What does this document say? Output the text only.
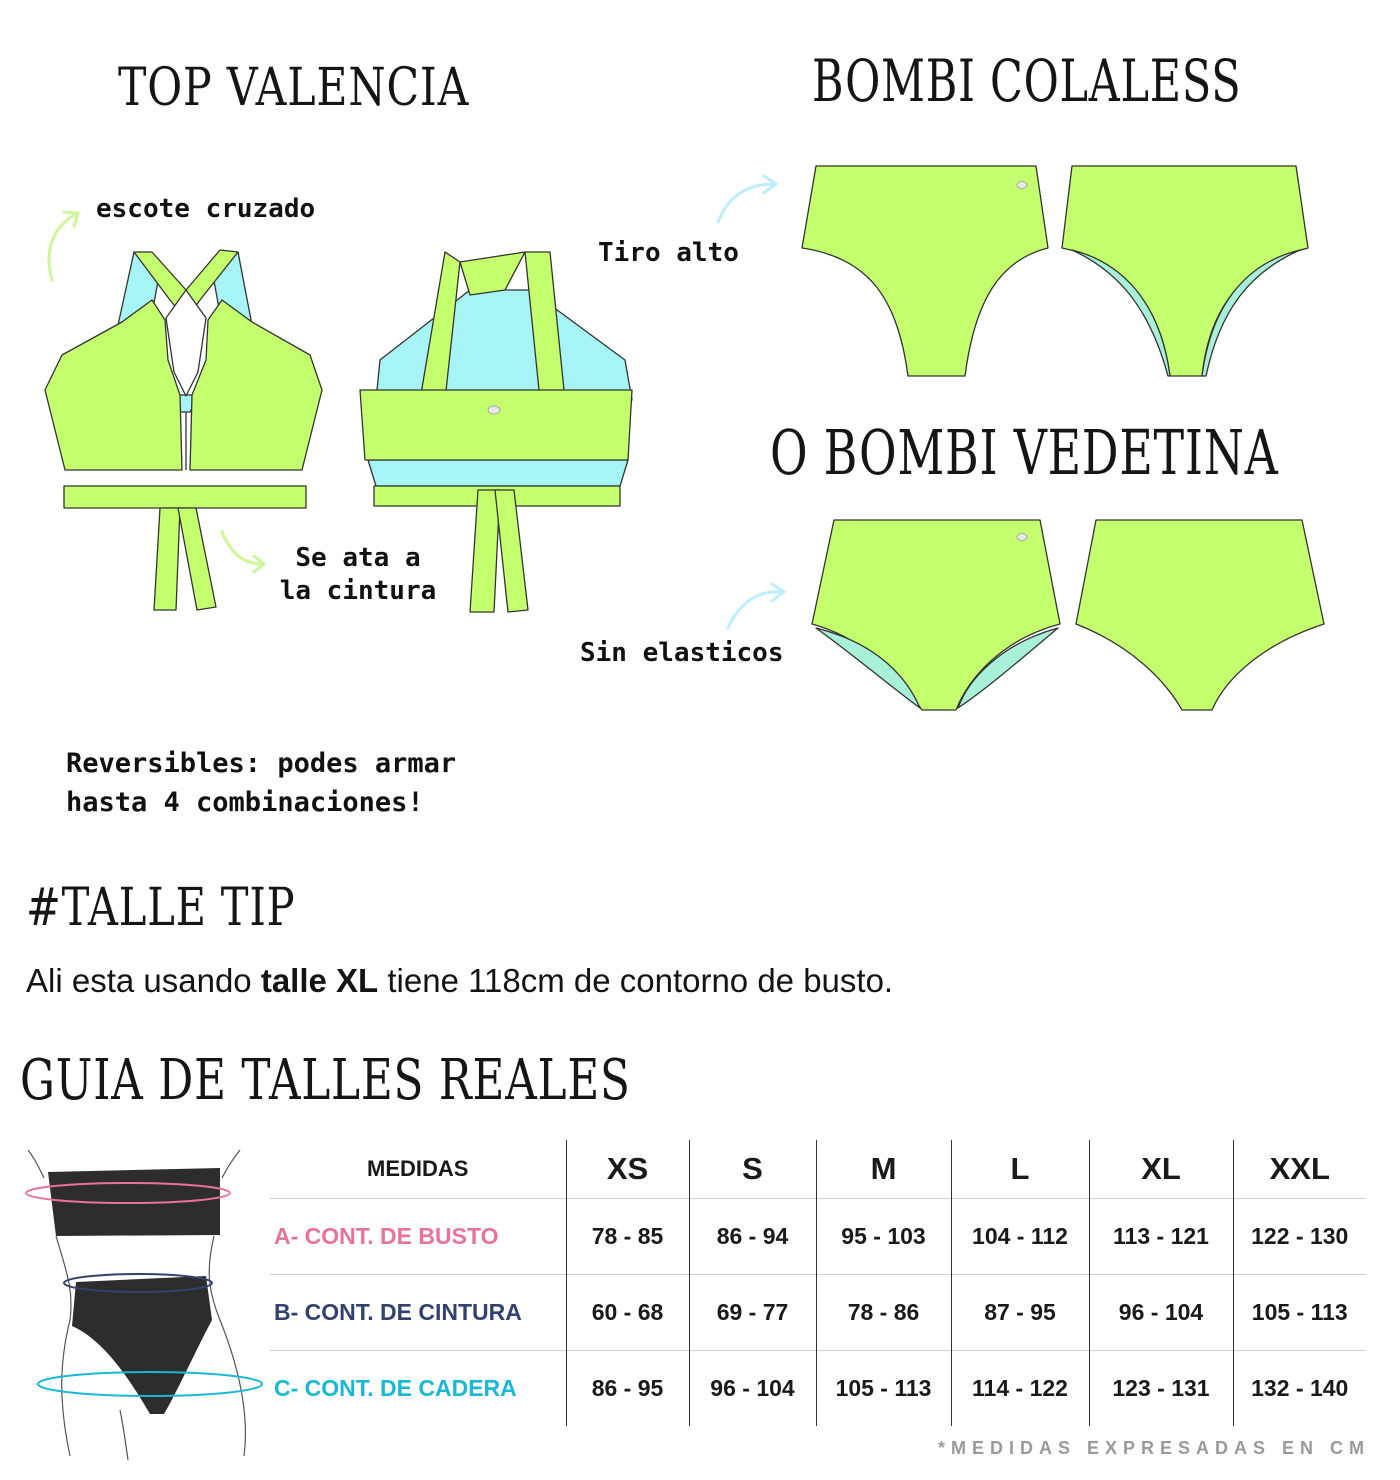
TOP VALENCIA	BOMBI COLALESS
O BOMBI VEDETINA
escote cruzado
Tiro alto
Se ata a la cintura
Sin elasticos
Reversibles: podes armar hasta 4 combinaciones!
#TALLE TIP
Ali esta usando talle XL tiene 118cm de contorno de busto.
GUIA DE TALLES REALES
MEDIDAS	XS	S	M	L	XL	XXL
A- CONT. DE BUSTO	78 - 85	86 - 94	95 - 103	104 - 112	113 - 121	122 - 130
B- CONT. DE CINTURA	60 - 68	69 - 77	78 - 86	87 - 95	96 - 104	105 - 113
C- CONT. DE CADERA	86 - 95	96 - 104	105 - 113	114 - 122	123 - 131	132 - 140
*MEDIDAS EXPRESADAS EN CM
